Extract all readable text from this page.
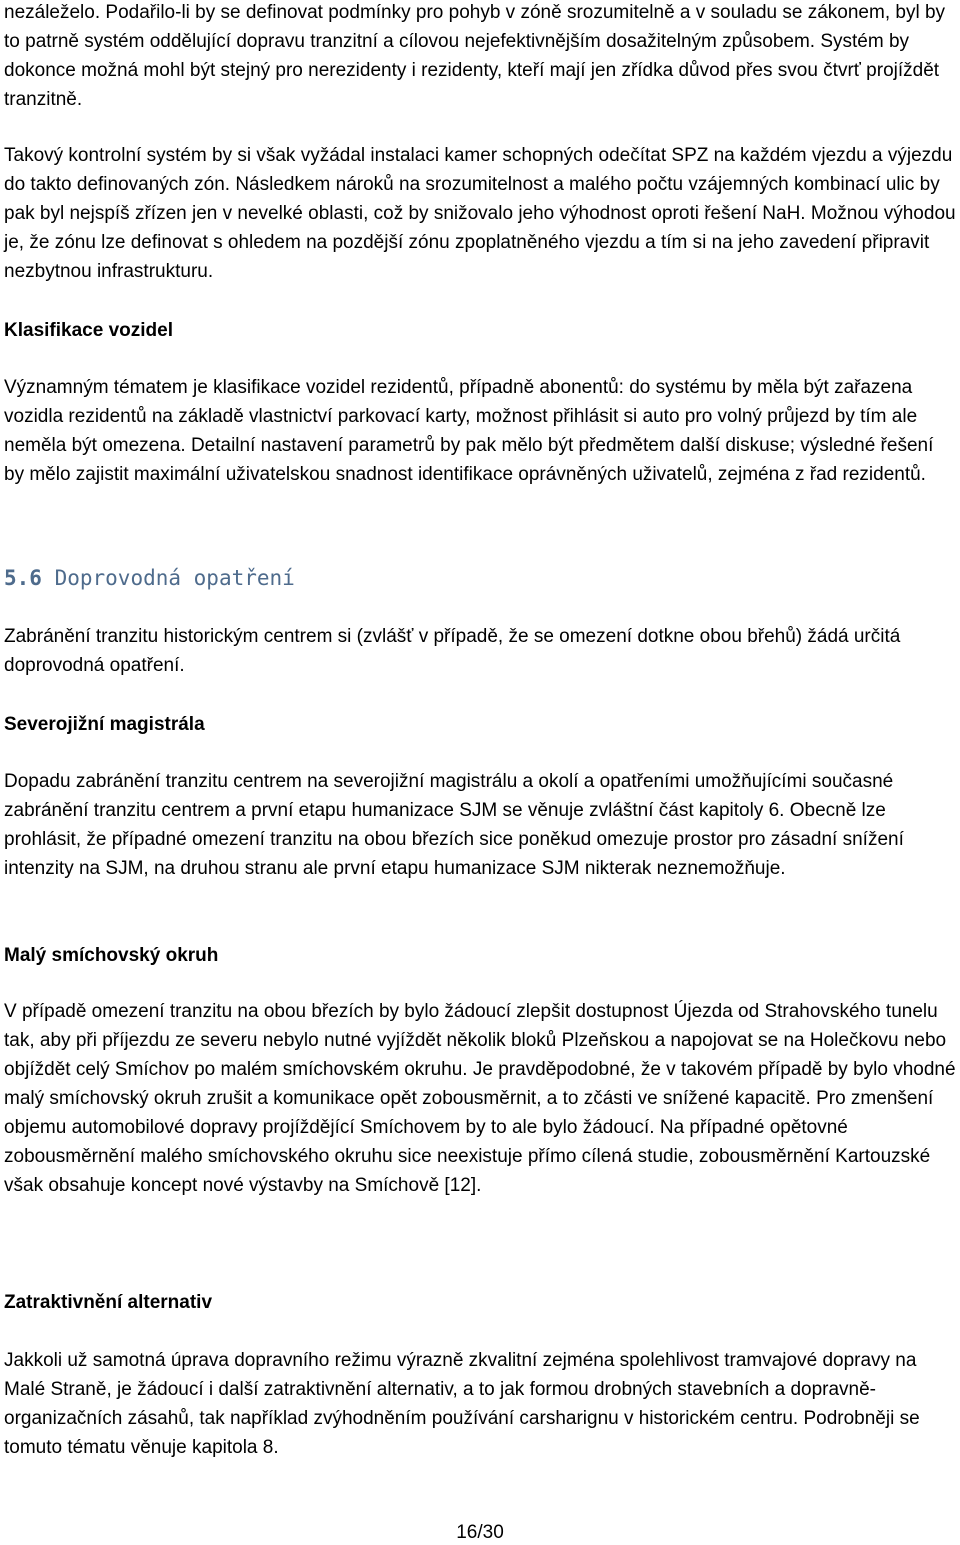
nezáleželo. Podařilo-li by se definovat podmínky pro pohyb v zóně srozumitelně a v souladu se zákonem, byl by to patrně systém oddělující dopravu tranzitní a cílovou nejefektivnějším dosažitelným způsobem. Systém by dokonce možná mohl být stejný pro nerezidenty i rezidenty, kteří mají jen zřídka důvod přes svou čtvrť projíždět tranzitně.

Takový kontrolní systém by si však vyžádal instalaci kamer schopných odečítat SPZ na každém vjezdu a výjezdu do takto definovaných zón. Následkem nároků na srozumitelnost a malého počtu vzájemných kombinací ulic by pak byl nejspíš zřízen jen v nevelké oblasti, což by snižovalo jeho výhodnost oproti řešení NaH. Možnou výhodou je, že zónu lze definovat s ohledem na pozdější zónu zpoplatněného vjezdu a tím si na jeho zavedení připravit nezbytnou infrastrukturu.

Klasifikace vozidel

Významným tématem je klasifikace vozidel rezidentů, případně abonentů: do systému by měla být zařazena vozidla rezidentů na základě vlastnictví parkovací karty, možnost přihlásit si auto pro volný průjezd by tím ale neměla být omezena. Detailní nastavení parametrů by pak mělo být předmětem další diskuse; výsledné řešení by mělo zajistit maximální uživatelskou snadnost identifikace oprávněných uživatelů, zejména z řad rezidentů.

5.6 Doprovodná opatření

Zabránění tranzitu historickým centrem si (zvlášť v případě, že se omezení dotkne obou břehů) žádá určitá doprovodná opatření.

Severojižní magistrála

Dopadu zabránění tranzitu centrem na severojižní magistrálu a okolí a opatřeními umožňujícími současné zabránění tranzitu centrem a první etapu humanizace SJM se věnuje zvláštní část kapitoly 6. Obecně lze prohlásit, že případné omezení tranzitu na obou březích sice poněkud omezuje prostor pro zásadní snížení intenzity na SJM, na druhou stranu ale první etapu humanizace SJM nikterak neznemožňuje.

Malý smíchovský okruh

V případě omezení tranzitu na obou březích by bylo žádoucí zlepšit dostupnost Újezda od Strahovského tunelu tak, aby při příjezdu ze severu nebylo nutné vyjíždět několik bloků Plzeňskou a napojovat se na Holečkovu nebo objíždět celý Smíchov po malém smíchovském okruhu. Je pravděpodobné, že v takovém případě by bylo vhodné malý smíchovský okruh zrušit a komunikace opět zobousměrnit, a to zčásti ve snížené kapacitě. Pro zmenšení objemu automobilové dopravy projíždějící Smíchovem by to ale bylo žádoucí. Na případné opětovné zobousměrnění malého smíchovského okruhu sice neexistuje přímo cílená studie, zobousměrnění Kartouzské však obsahuje koncept nové výstavby na Smíchově [12].

Zatraktivnění alternativ

Jakkoli už samotná úprava dopravního režimu výrazně zkvalitní zejména spolehlivost tramvajové dopravy na Malé Straně, je žádoucí i další zatraktivnění alternativ, a to jak formou drobných stavebních a dopravně-organizačních zásahů, tak například zvýhodněním používání carsharignu v historickém centru. Podrobněji se tomuto tématu věnuje kapitola 8.

16/30
